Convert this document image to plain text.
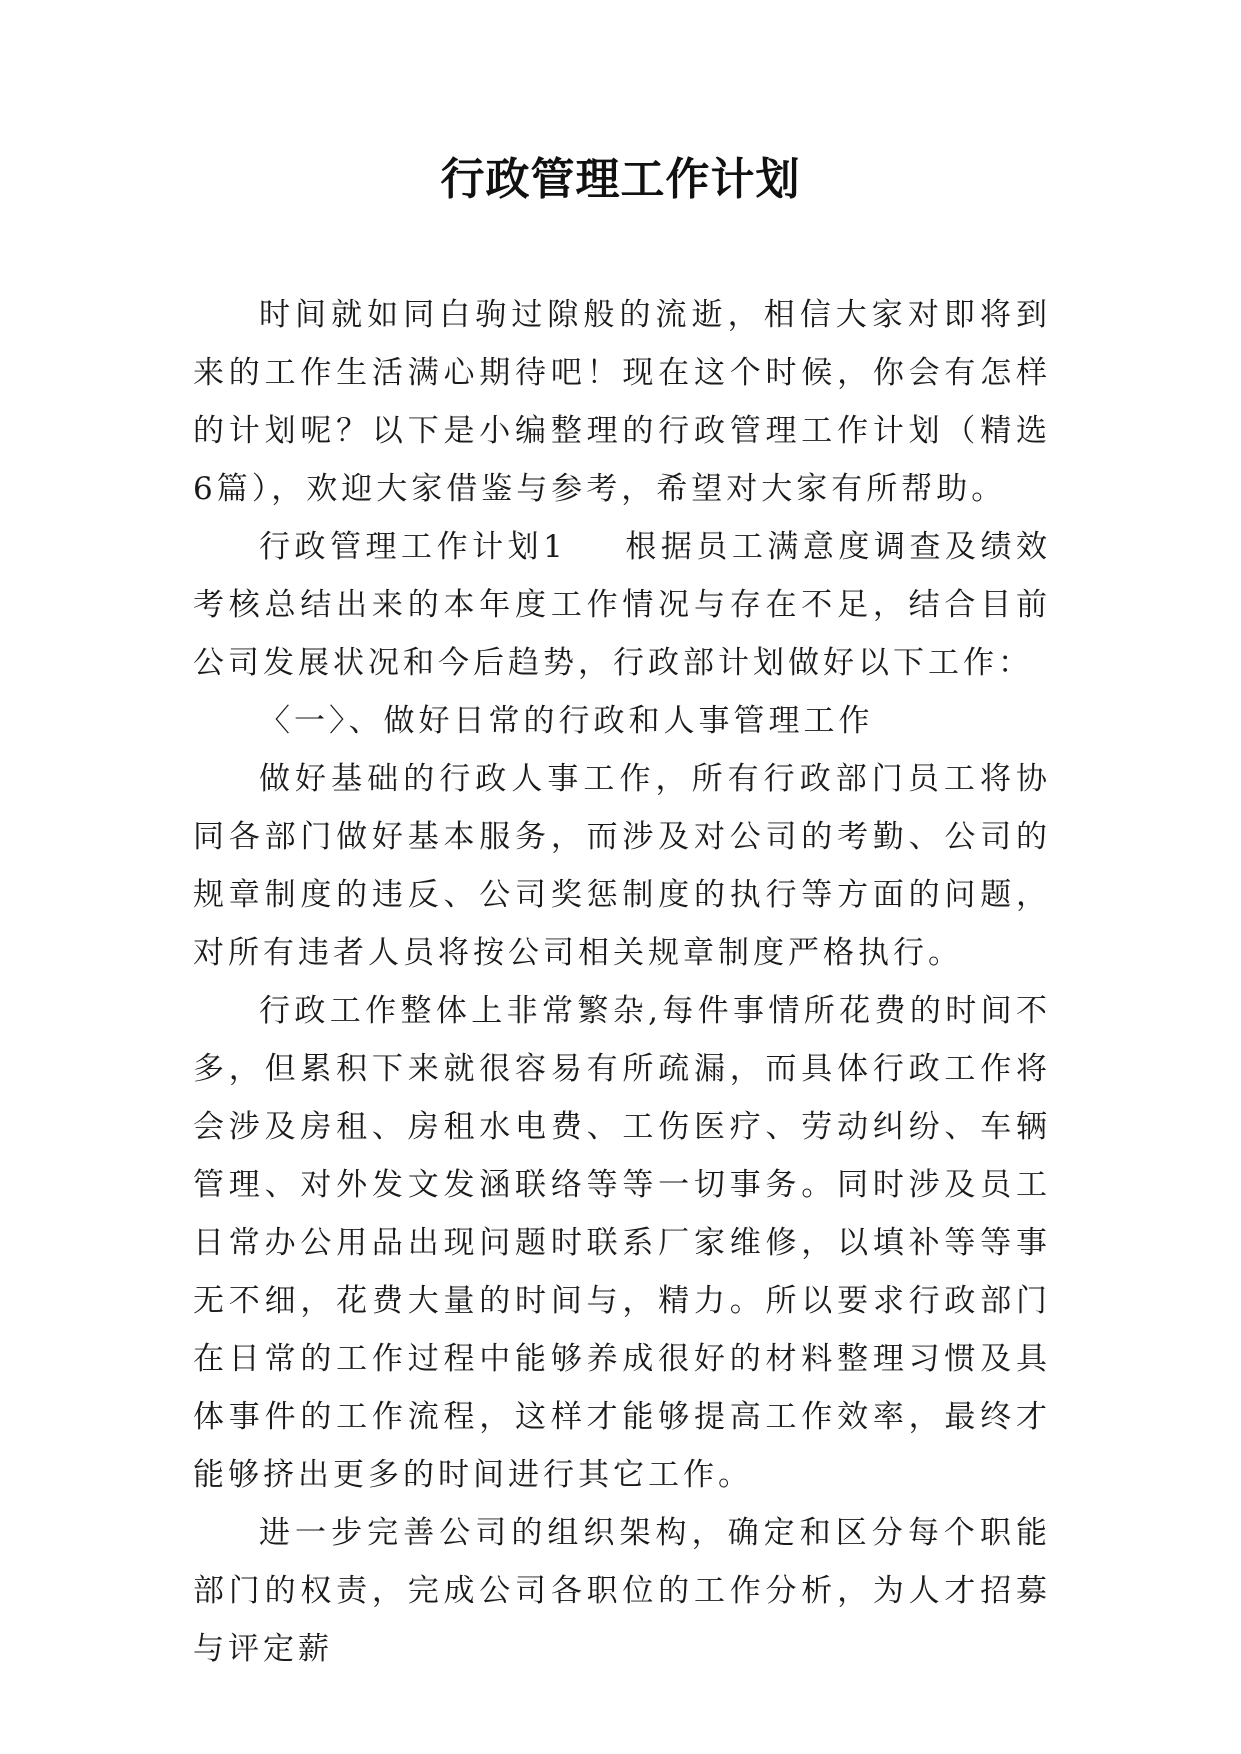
行政管理工作计划

时间就如同白驹过隙般的流逝，相信大家对即将到来的工作生活满心期待吧！现在这个时候，你会有怎样的计划呢？以下是小编整理的行政管理工作计划（精选6篇），欢迎大家借鉴与参考，希望对大家有所帮助。

行政管理工作计划1 根据员工满意度调查及绩效考核总结出来的本年度工作情况与存在不足，结合目前公司发展状况和今后趋势，行政部计划做好以下工作：

〈一〉、做好日常的行政和人事管理工作

做好基础的行政人事工作，所有行政部门员工将协同各部门做好基本服务，而涉及对公司的考勤、公司的规章制度的违反、公司奖惩制度的执行等方面的问题，对所有违者人员将按公司相关规章制度严格执行。

行政工作整体上非常繁杂,每件事情所花费的时间不多，但累积下来就很容易有所疏漏，而具体行政工作将会涉及房租、房租水电费、工伤医疗、劳动纠纷、车辆管理、对外发文发涵联络等等一切事务。同时涉及员工日常办公用品出现问题时联系厂家维修，以填补等等事无不细，花费大量的时间与，精力。所以要求行政部门在日常的工作过程中能够养成很好的材料整理习惯及具体事件的工作流程，这样才能够提高工作效率，最终才能够挤出更多的时间进行其它工作。

进一步完善公司的组织架构，确定和区分每个职能部门的权责，完成公司各职位的工作分析，为人才招募与评定薪
